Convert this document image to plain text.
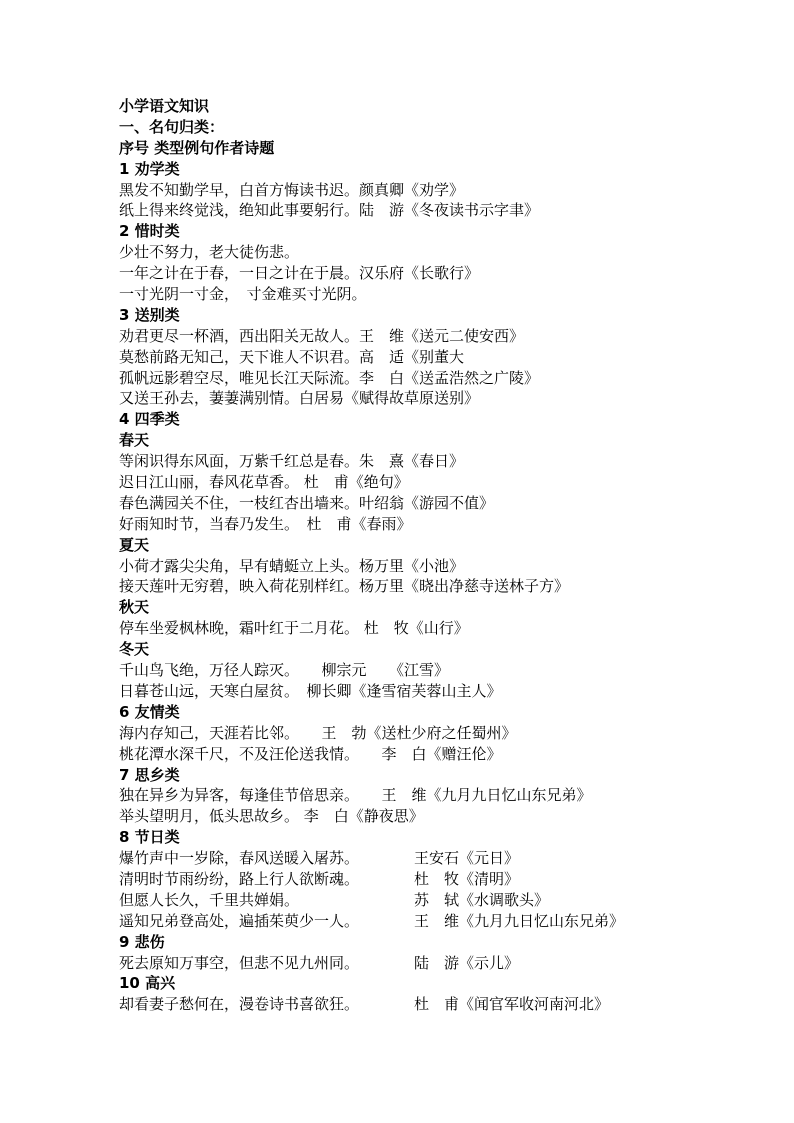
小学语文知识
一、名句归类：
序号 类型例句作者诗题
1 劝学类
黑发不知勤学早，白首方悔读书迟。颜真卿《劝学》
纸上得来终觉浅，绝知此事要躬行。陆　游《冬夜读书示字聿》
2 惜时类
少壮不努力，老大徒伤悲。
一年之计在于春，一日之计在于晨。汉乐府《长歌行》
一寸光阴一寸金，　寸金难买寸光阴。
3 送别类
劝君更尽一杯酒，西出阳关无故人。王　维《送元二使安西》
莫愁前路无知己，天下谁人不识君。高　适《别董大
孤帆远影碧空尽，唯见长江天际流。李　白《送孟浩然之广陵》
又送王孙去，萋萋满别情。白居易《赋得故草原送别》
4 四季类
春天
等闲识得东风面，万紫千红总是春。朱　熹《春日》
迟日江山丽，春风花草香。 杜　甫《绝句》
春色满园关不住，一枝红杏出墙来。叶绍翁《游园不值》
好雨知时节，当春乃发生。　杜　甫《春雨》
夏天
小荷才露尖尖角，早有蜻蜓立上头。杨万里《小池》
接天莲叶无穷碧，映入荷花别样红。杨万里《晓出净慈寺送林子方》
秋天
停车坐爱枫林晚，霜叶红于二月花。 杜　牧《山行》
冬天
千山鸟飞绝，万径人踪灭。　　柳宗元　　《江雪》
日暮苍山远，天寒白屋贫。　柳长卿《逢雪宿芙蓉山主人》
6 友情类
海内存知己，天涯若比邻。　　王　勃《送杜少府之任蜀州》
桃花潭水深千尺，不及汪伦送我情。　　李　白《赠汪伦》
7 思乡类
独在异乡为异客，每逢佳节倍思亲。　　王　维《九月九日忆山东兄弟》
举头望明月，低头思故乡。 李　白《静夜思》
8 节日类
爆竹声中一岁除，春风送暖入屠苏。	王安石《元日》
清明时节雨纷纷，路上行人欲断魂。	杜　牧《清明》
但愿人长久，千里共婵娟。	苏　轼《水调歌头》
遥知兄弟登高处，遍插茱萸少一人。	王　维《九月九日忆山东兄弟》
9 悲伤
死去原知万事空，但悲不见九州同。	陆　游《示儿》
10 高兴
却看妻子愁何在，漫卷诗书喜欲狂。	杜　甫《闻官军收河南河北》
